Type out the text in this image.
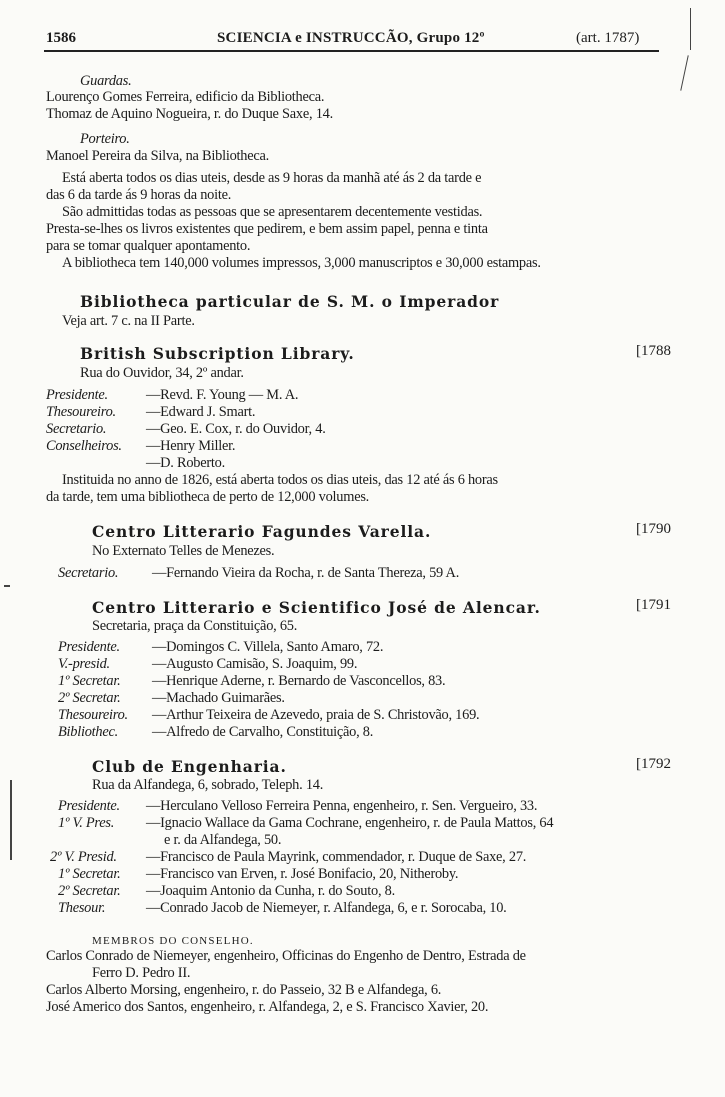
1586	SCIENCIA e INSTRUCCÃO, Grupo 12º	(art. 1787)
Guardas.
Lourenço Gomes Ferreira, edificio da Bibliotheca.
Thomaz de Aquino Nogueira, r. do Duque Saxe, 14.
Porteiro.
Manoel Pereira da Silva, na Bibliotheca.
Está aberta todos os dias uteis, desde as 9 horas da manhã até ás 2 da tarde e
das 6 da tarde ás 9 horas da noite.
São admittidas todas as pessoas que se apresentarem decentemente vestidas.
Presta-se-lhes os livros existentes que pedirem, e bem assim papel, penna e tinta
para se tomar qualquer apontamento.
A bibliotheca tem 140,000 volumes impressos, 3,000 manuscriptos e 30,000 estampas.
Bibliotheca particular de S. M. o Imperador
Veja art. 7 c. na II Parte.
British Subscription Library.	[1788
Rua do Ouvidor, 34, 2º andar.
Presidente.	—Revd. F. Young — M. A.
Thesoureiro. —Edward J. Smart.
Secretario.	—Geo. E. Cox, r. do Ouvidor, 4.
Conselheiros. —Henry Miller.
—D. Roberto.
Instituida no anno de 1826, está aberta todos os dias uteis, das 12 até ás 6 horas
da tarde, tem uma bibliotheca de perto de 12,000 volumes.
Centro Litterario Fagundes Varella.	[1790
No Externato Telles de Menezes.
Secretario. —Fernando Vieira da Rocha, r. de Santa Thereza, 59 A.
Centro Litterario e Scientifico José de Alencar.	[1791
Secretaria, praça da Constituição, 65.
Presidente. —Domingos C. Villela, Santo Amaro, 72.
V.-presid.	—Augusto Camisão, S. Joaquim, 99.
1º Secretar. —Henrique Aderne, r. Bernardo de Vasconcellos, 83.
2º Secretar. —Machado Guimarães.
Thesoureiro. —Arthur Teixeira de Azevedo, praia de S. Christovão, 169.
Bibliothec. —Alfredo de Carvalho, Constituição, 8.
Club de Engenharia.	[1792
Rua da Alfandega, 6, sobrado, Teleph. 14.
Presidente. —Herculano Velloso Ferreira Penna, engenheiro, r. Sen. Vergueiro, 33.
1º V. Pres. —Ignacio Wallace da Gama Cochrane, engenheiro, r. de Paula Mattos, 64
e r. da Alfandega, 50.
2º V. Presid. —Francisco de Paula Mayrink, commendador, r. Duque de Saxe, 27.
1º Secretar. —Francisco van Erven, r. José Bonifacio, 20, Nitheroby.
2º Secretar. —Joaquim Antonio da Cunha, r. do Souto, 8.
Thesour.	—Conrado Jacob de Niemeyer, r. Alfandega, 6, e r. Sorocaba, 10.
MEMBROS DO CONSELHO.
Carlos Conrado de Niemeyer, engenheiro, Officinas do Engenho de Dentro, Estrada de
Ferro D. Pedro II.
Carlos Alberto Morsing, engenheiro, r. do Passeio, 32 B e Alfandega, 6.
José Americo dos Santos, engenheiro, r. Alfandega, 2, e S. Francisco Xavier, 20.
